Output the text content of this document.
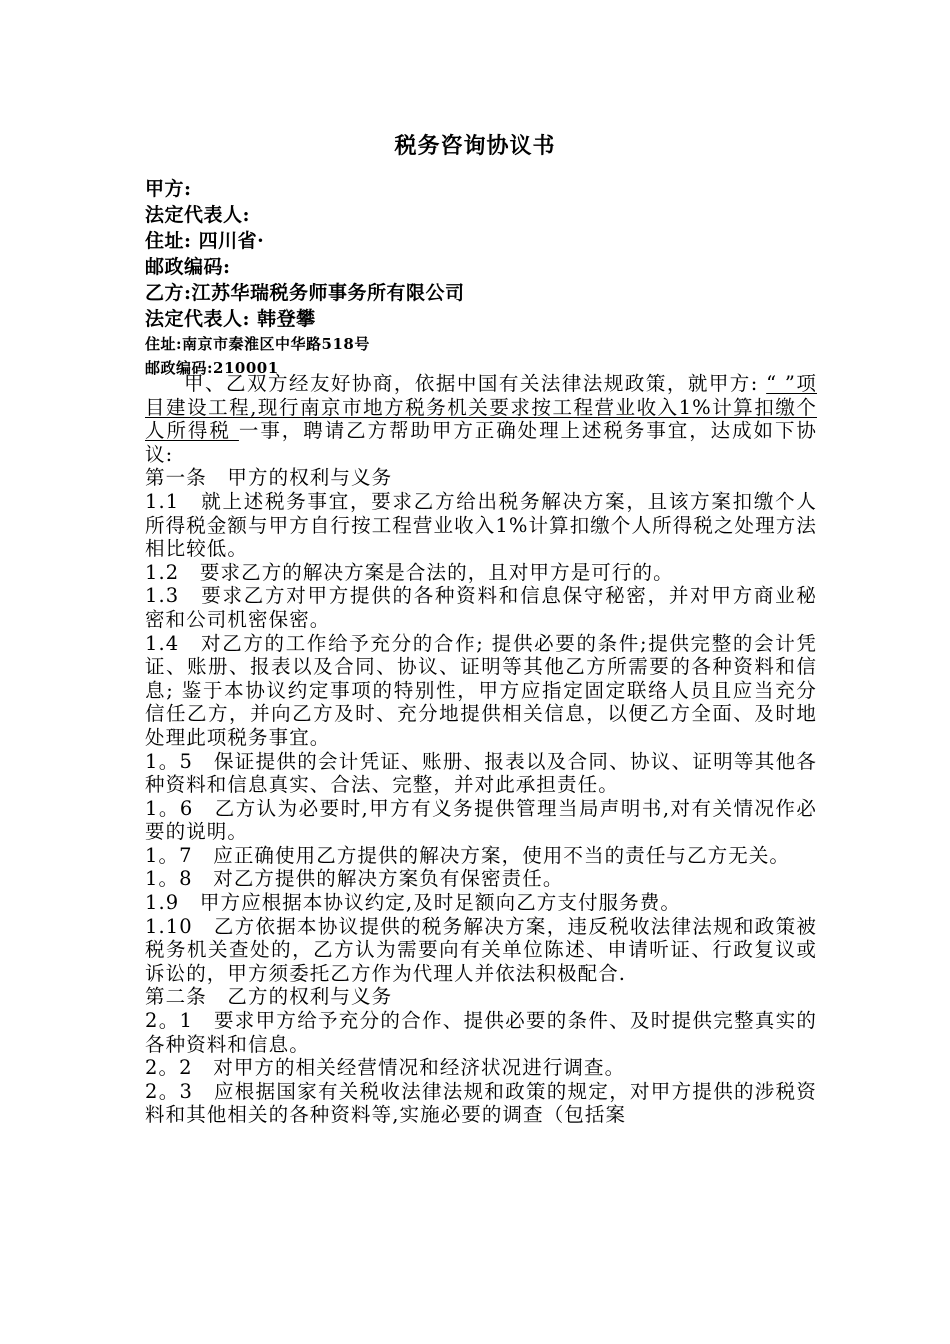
税务咨询协议书
甲方:
法定代表人:
住址: 四川省·
邮政编码:
乙方:江苏华瑞税务师事务所有限公司
法定代表人: 韩登攀
住址:南京市秦淮区中华路518号
邮政编码:210001

甲、乙双方经友好协商，依据中国有关法律法规政策，就甲方: “ ”项目建设工程,现行南京市地方税务机关要求按工程营业收入1%计算扣缴个人所得税 一事，聘请乙方帮助甲方正确处理上述税务事宜，达成如下协议:

第一条　甲方的权利与义务

1.1　就上述税务事宜，要求乙方给出税务解决方案，且该方案扣缴个人所得税金额与甲方自行按工程营业收入1%计算扣缴个人所得税之处理方法相比较低。

1.2　要求乙方的解决方案是合法的，且对甲方是可行的。

1.3　要求乙方对甲方提供的各种资料和信息保守秘密，并对甲方商业秘密和公司机密保密。

1.4　对乙方的工作给予充分的合作; 提供必要的条件;提供完整的会计凭证、账册、报表以及合同、协议、证明等其他乙方所需要的各种资料和信息; 鉴于本协议约定事项的特别性，甲方应指定固定联络人员且应当充分信任乙方，并向乙方及时、充分地提供相关信息，以便乙方全面、及时地处理此项税务事宜。

1。5　保证提供的会计凭证、账册、报表以及合同、协议、证明等其他各种资料和信息真实、合法、完整，并对此承担责任。

1。6　乙方认为必要时,甲方有义务提供管理当局声明书,对有关情况作必要的说明。

1。7　应正确使用乙方提供的解决方案，使用不当的责任与乙方无关。

1。8　对乙方提供的解决方案负有保密责任。

1.9　甲方应根据本协议约定,及时足额向乙方支付服务费。

1.10　乙方依据本协议提供的税务解决方案，违反税收法律法规和政策被税务机关查处的，乙方认为需要向有关单位陈述、申请听证、行政复议或诉讼的，甲方须委托乙方作为代理人并依法积极配合.

第二条　乙方的权利与义务

2。1　要求甲方给予充分的合作、提供必要的条件、及时提供完整真实的各种资料和信息。

2。2　对甲方的相关经营情况和经济状况进行调查。

2。3　应根据国家有关税收法律法规和政策的规定，对甲方提供的涉税资料和其他相关的各种资料等,实施必要的调查（包括案
